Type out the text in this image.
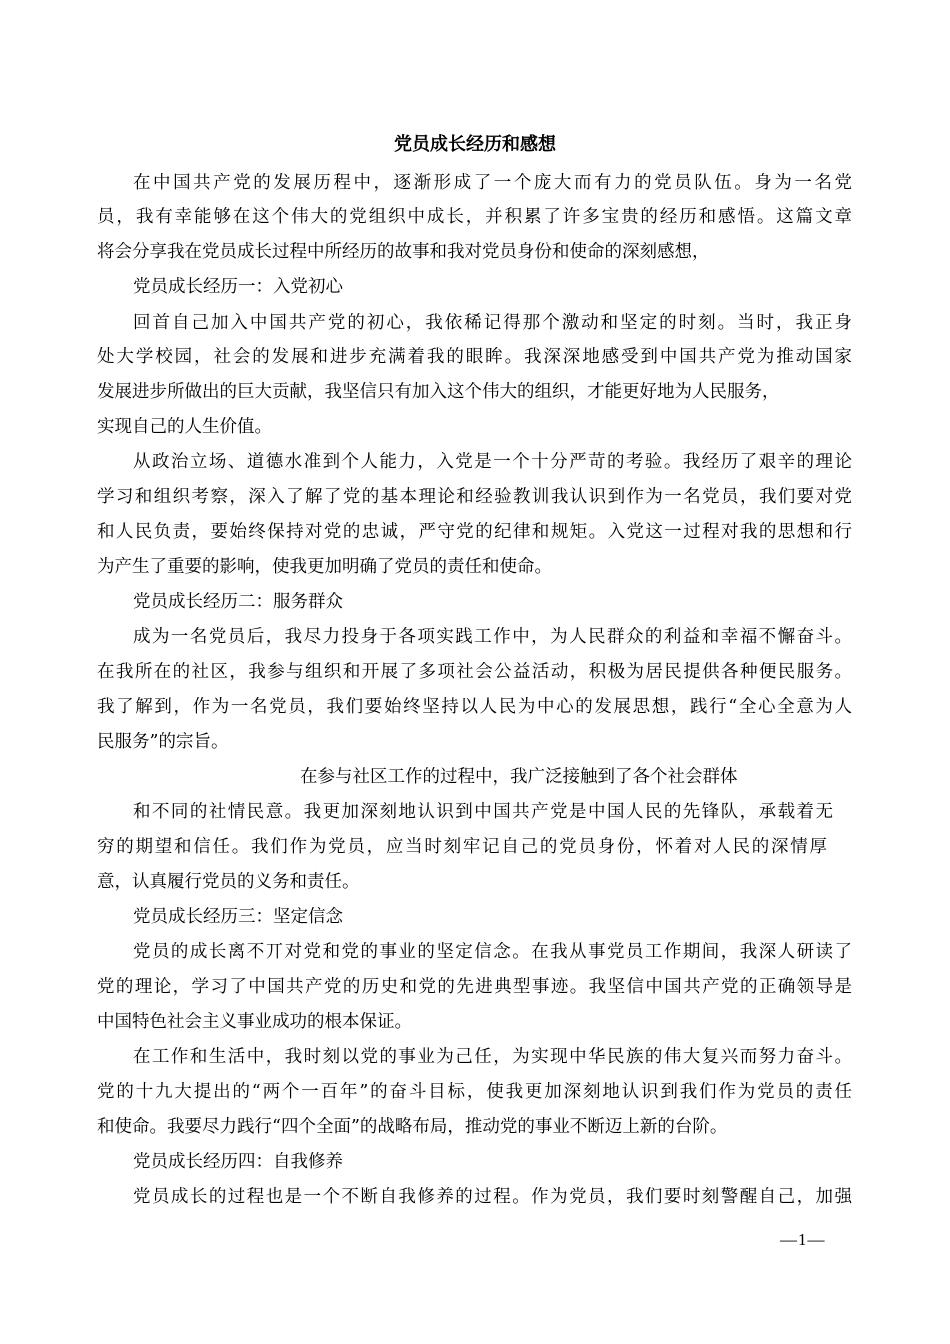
党员成长经历和感想
在中国共产党的发展历程中，逐渐形成了一个庞大而有力的党员队伍。身为一名党
员，我有幸能够在这个伟大的党组织中成长，并积累了许多宝贵的经历和感悟。这篇文章
将会分享我在党员成长过程中所经历的故事和我对党员身份和使命的深刻感想，
党员成长经历一：入党初心
回首自己加入中国共产党的初心，我依稀记得那个激动和坚定的时刻。当时，我正身
处大学校园，社会的发展和进步充满着我的眼眸。我深深地感受到中国共产党为推动国家
发展进步所做出的巨大贡献，我坚信只有加入这个伟大的组织，才能更好地为人民服务，
实现自己的人生价值。
从政治立场、道德水准到个人能力，入党是一个十分严苛的考验。我经历了艰辛的理论
学习和组织考察，深入了解了党的基本理论和经验教训我认识到作为一名党员，我们要对党
和人民负责，要始终保持对党的忠诚，严守党的纪律和规矩。入党这一过程对我的思想和行
为产生了重要的影响，使我更加明确了党员的责任和使命。
党员成长经历二：服务群众
成为一名党员后，我尽力投身于各项实践工作中，为人民群众的利益和幸福不懈奋斗。
在我所在的社区，我参与组织和开展了多项社会公益活动，积极为居民提供各种便民服务。
我了解到，作为一名党员，我们要始终坚持以人民为中心的发展思想，践行“全心全意为人
民服务”的宗旨。
在参与社区工作的过程中，我广泛接触到了各个社会群体
和不同的社情民意。我更加深刻地认识到中国共产党是中国人民的先锋队，承载着无
穷的期望和信任。我们作为党员，应当时刻牢记自己的党员身份，怀着对人民的深情厚
意，认真履行党员的义务和责任。
党员成长经历三：坚定信念
党员的成长离不丌对党和党的事业的坚定信念。在我从事党员工作期间，我深人研读了
党的理论，学习了中国共产党的历史和党的先进典型事迹。我坚信中国共产党的正确领导是
中国特色社会主义事业成功的根本保证。
在工作和生活中，我时刻以党的事业为己任，为实现中华民族的伟大复兴而努力奋斗。
党的十九大提出的“两个一百年”的奋斗目标，使我更加深刻地认识到我们作为党员的责任
和使命。我要尽力践行“四个全面”的战略布局，推动党的事业不断迈上新的台阶。
党员成长经历四：自我修养
党员成长的过程也是一个不断自我修养的过程。作为党员，我们要时刻警醒自己，加强
—1—
